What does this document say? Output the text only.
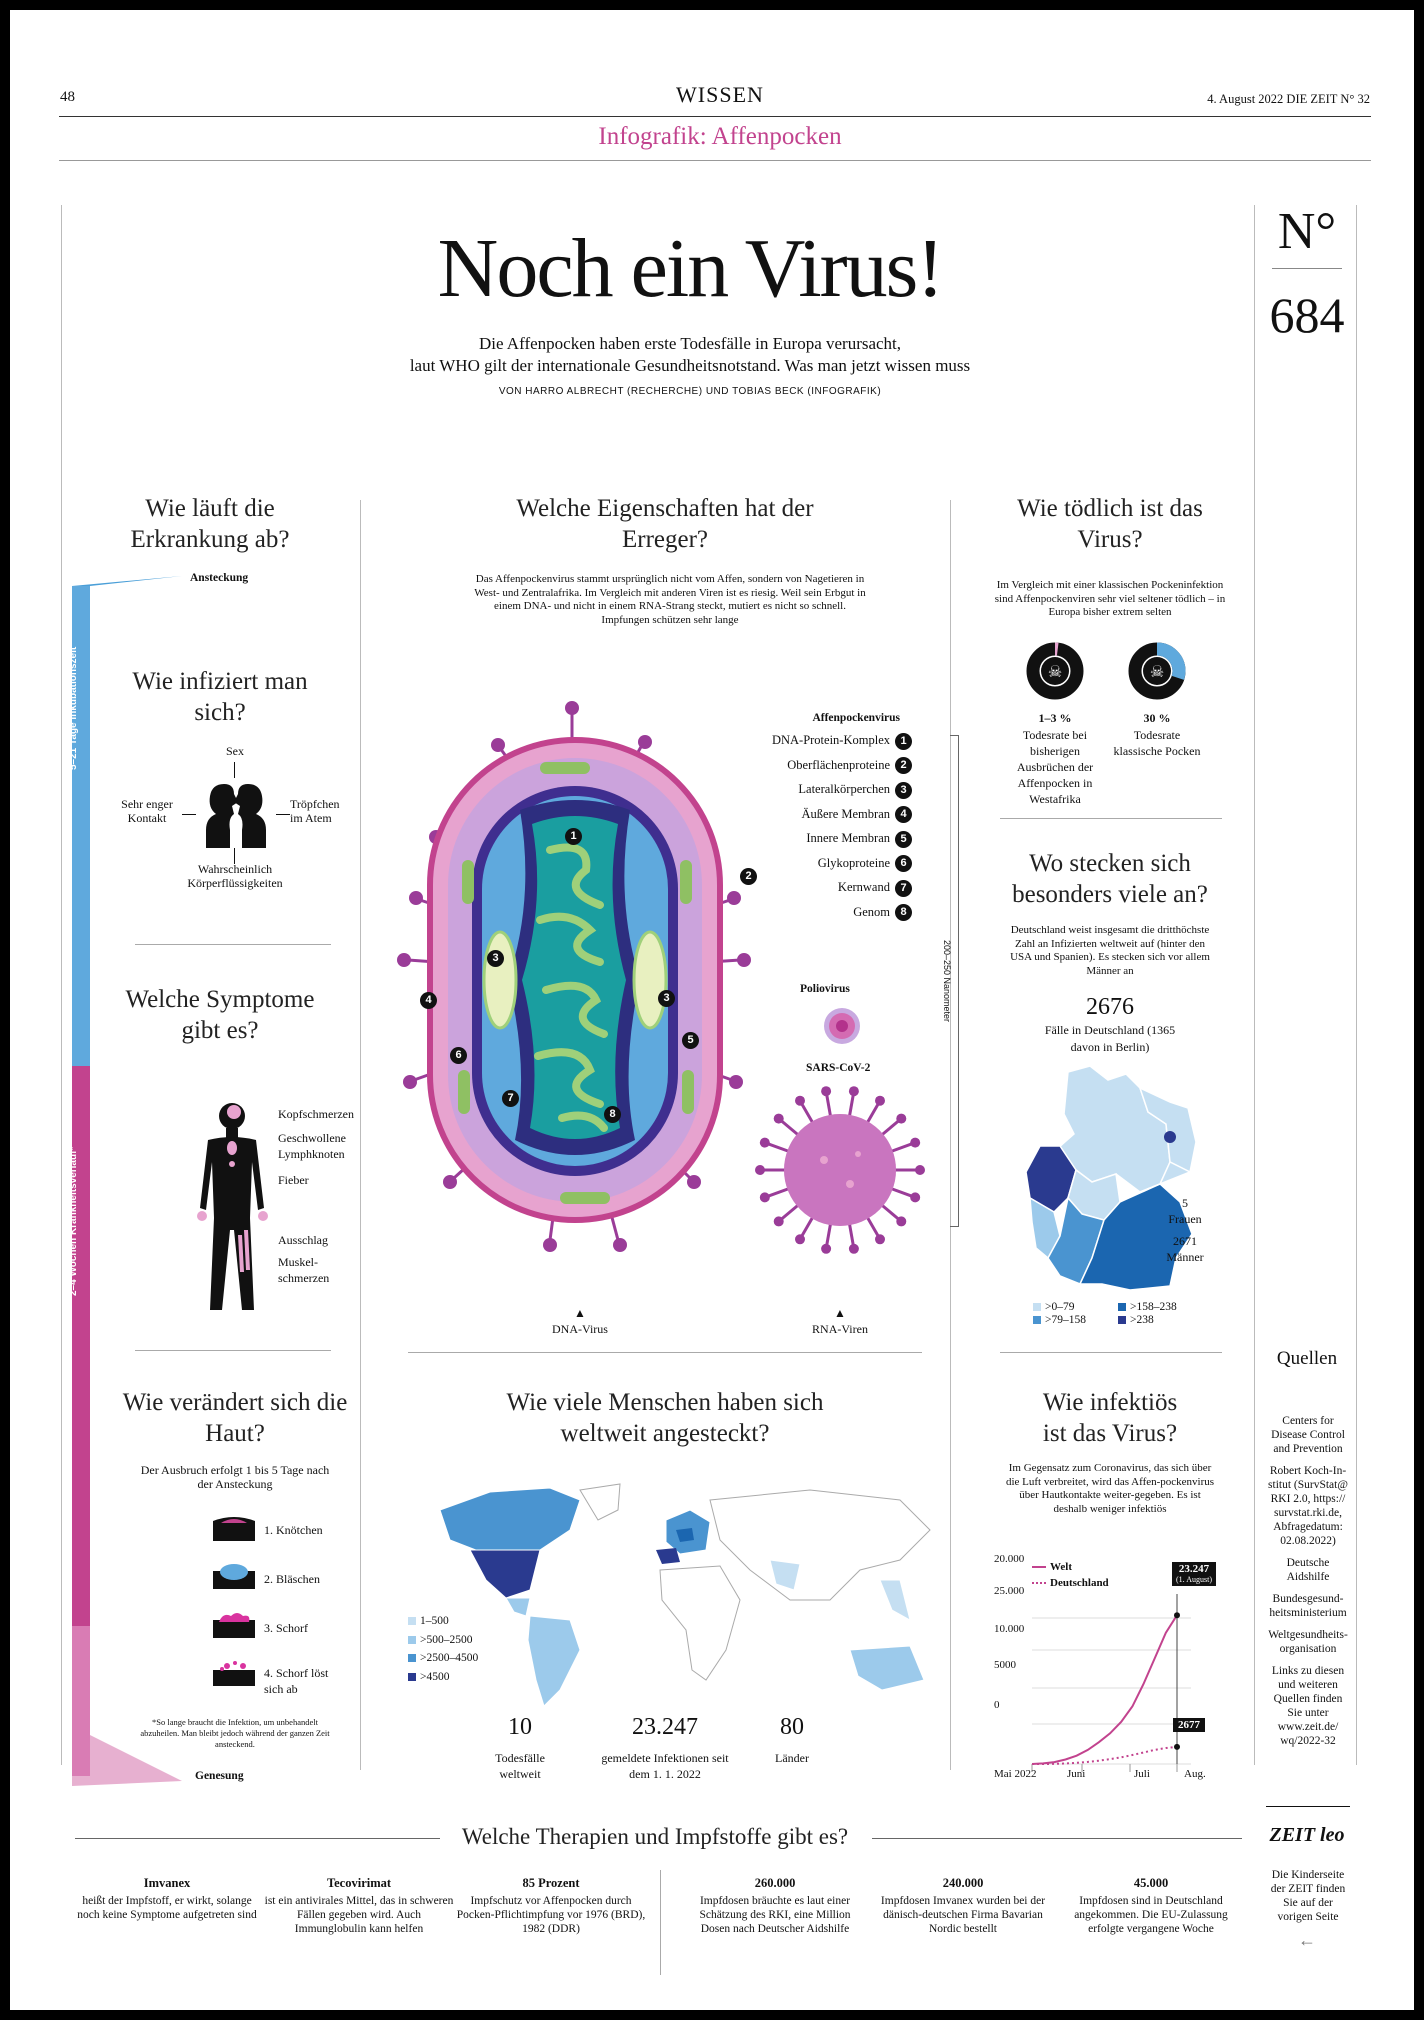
48	WISSEN	4. August 2022 DIE ZEIT N° 32
Infografik: Affenpocken
N°
684
Noch ein Virus!
Die Affenpocken haben erste Todesfälle in Europa verursacht,
laut WHO gilt der internationale Gesundheitsnotstand. Was man jetzt wissen muss
VON HARRO ALBRECHT (RECHERCHE) UND TOBIAS BECK (INFOGRAFIK)
Wie läuft die Erkrankung ab?
Ansteckung
5–21 Tage Inkubationszeit
2–4 Wochen Krankheitsverlauf*
Genesung
Wie infiziert man sich?
Sex
Sehr enger Kontakt
Tröpfchen im Atem
Wahrscheinlich Körperflüssigkeiten
Welche Symptome gibt es?
Kopfschmerzen
Geschwollene Lymphknoten
Fieber
Ausschlag
Muskel-schmerzen
Wie verändert sich die Haut?
Der Ausbruch erfolgt 1 bis 5 Tage nach der Ansteckung
1. Knötchen
2. Bläschen
3. Schorf
4. Schorf löst sich ab
*So lange braucht die Infektion, um unbehandelt abzuheilen. Man bleibt jedoch während der ganzen Zeit ansteckend.
Welche Eigenschaften hat der Erreger?
Das Affenpockenvirus stammt ursprünglich nicht vom Affen, sondern von Nagetieren in West- und Zentralafrika. Im Vergleich mit anderen Viren ist es riesig. Weil sein Erbgut in einem DNA- und nicht in einem RNA-Strang steckt, mutiert es nicht so schnell. Impfungen schützen sehr lange
1
2
3
3
4
5
6
7
8
Affenpockenvirus
DNA-Protein-Komplex 1
Oberflächenproteine 2
Lateralkörperchen 3
Äußere Membran 4
Innere Membran 5
Glykoproteine 6
Kernwand 7
Genom 8
200–250 Nanometer
Poliovirus
SARS-CoV-2
▲
DNA-Virus
▲
RNA-Viren
Wie tödlich ist das Virus?
Im Vergleich mit einer klassischen Pockeninfektion sind Affenpockenviren sehr viel seltener tödlich – in Europa bisher extrem selten
☠	☠
1–3 %
Todesrate bei bisherigen Ausbrüchen der Affenpocken in Westafrika
30 %
Todesrate klassische Pocken
Wo stecken sich besonders viele an?
Deutschland weist insgesamt die dritthöchste Zahl an Infizierten weltweit auf (hinter den USA und Spanien). Es stecken sich vor allem Männer an
2676
Fälle in Deutschland (1365 davon in Berlin)
5
Frauen
2671
Männer
>0–79
>79–158
>158–238
>238
Wie viele Menschen haben sich weltweit angesteckt?
1–500
>500–2500
>2500–4500
>4500
10
Todesfälle weltweit
23.247
gemeldete Infektionen seit dem 1. 1. 2022
80
Länder
Wie infektiös ist das Virus?
Im Gegensatz zum Coronavirus, das sich über die Luft verbreitet, wird das Affen-pockenvirus über Hautkontakte weiter-gegeben. Es ist deshalb weniger infektiös
Welt
Deutschland
23.247
(1. August)
2677
20.000
25.000
10.000
5000
0
Mai 2022	Juni	Juli	Aug.
Quellen
Centers for Disease Control and Prevention
Robert Koch-In-stitut (SurvStat@ RKI 2.0, https:// survstat.rki.de, Abfragedatum: 02.08.2022)
Deutsche Aidshilfe
Bundesgesund-heitsministerium
Weltgesundheits-organisation
Links zu diesen und weiteren Quellen finden Sie unter www.zeit.de/ wq/2022-32
ZEIT leo
Die Kinderseite der ZEIT finden Sie auf der vorigen Seite
←
Welche Therapien und Impfstoffe gibt es?
Imvanex
heißt der Impfstoff, er wirkt, solange noch keine Symptome aufgetreten sind
Tecovirimat
ist ein antivirales Mittel, das in schweren Fällen gegeben wird. Auch Immunglobulin kann helfen
85 Prozent
Impfschutz vor Affenpocken durch Pocken-Pflichtimpfung vor 1976 (BRD), 1982 (DDR)
260.000
Impfdosen bräuchte es laut einer Schätzung des RKI, eine Million Dosen nach Deutscher Aidshilfe
240.000
Impfdosen Imvanex wurden bei der dänisch-deutschen Firma Bavarian Nordic bestellt
45.000
Impfdosen sind in Deutschland angekommen. Die EU-Zulassung erfolgte vergangene Woche
